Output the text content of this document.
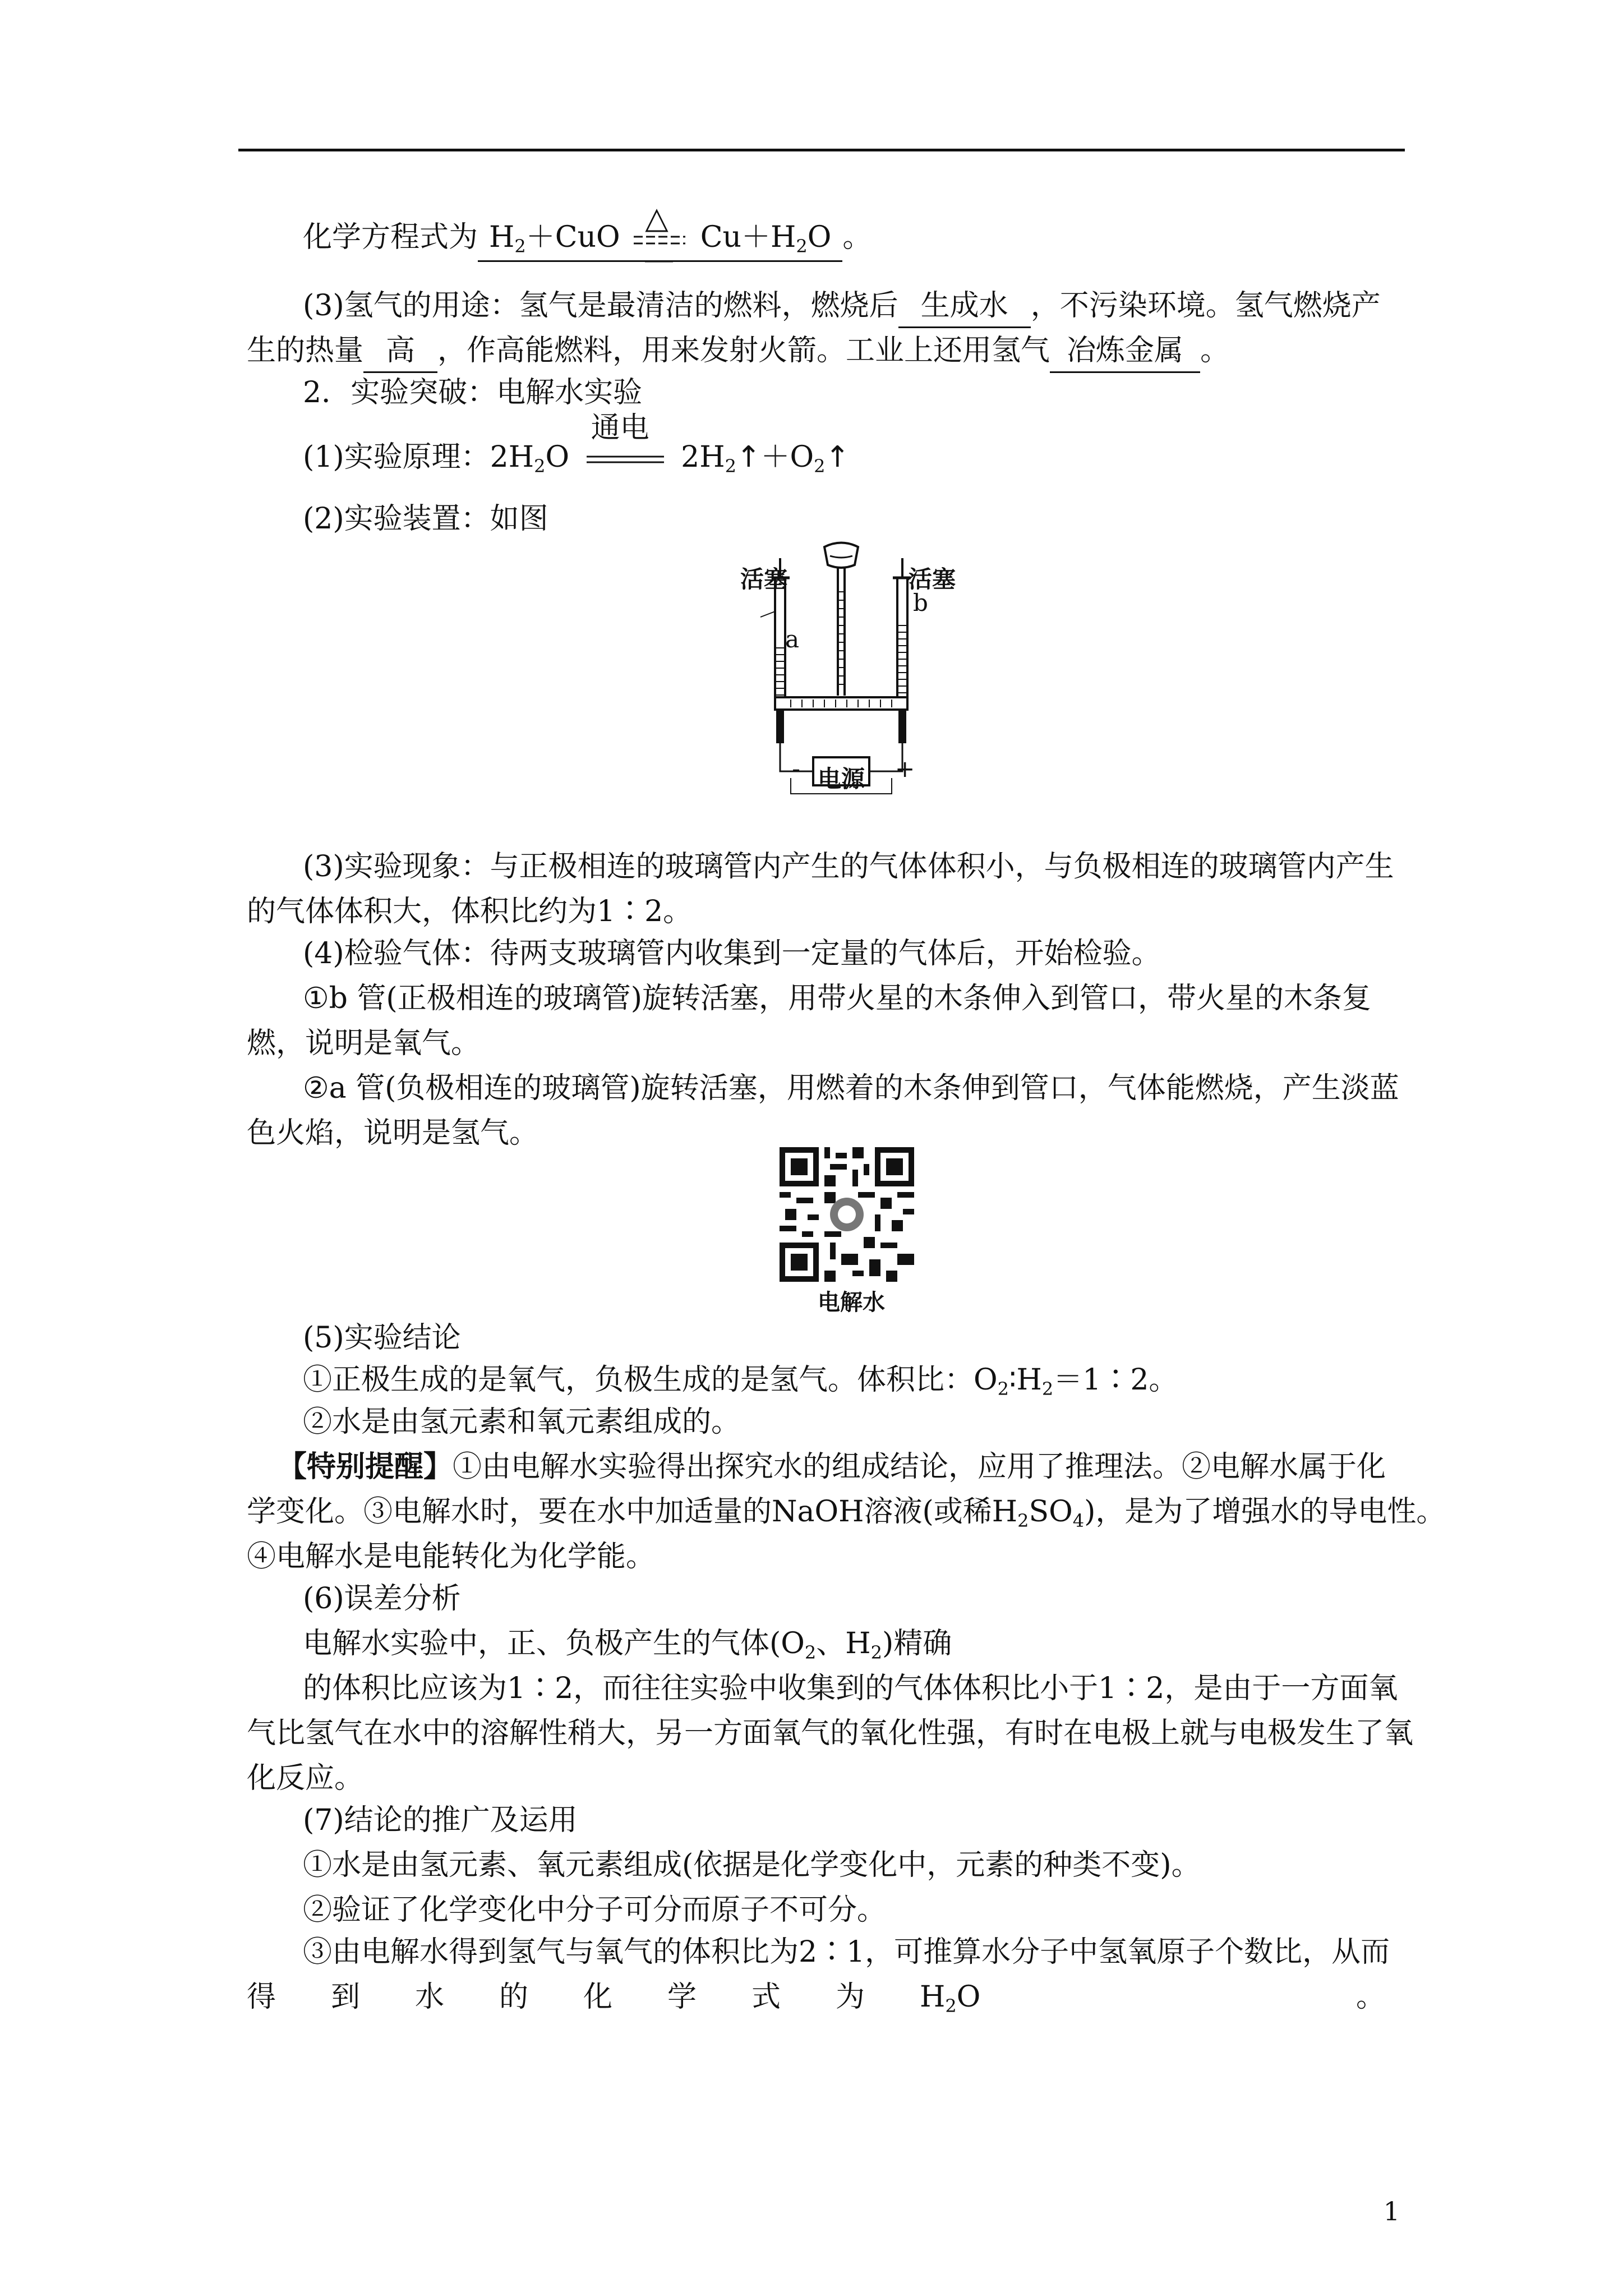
化学方程式为 $H_2+CuO$
△
$Cu+H_2O$ 。
(3)氢气的用途：氢气是最清洁的燃料，燃烧后 生成水 ，不污染环境。氢气燃烧产
生的热量 高 ，作高能燃料，用来发射火箭。工业上还用氢气 冶炼金属 。
2．实验突破：电解水实验
(1)实验原理：$2H_2O$
通电
$2H_2↑+O_2↑$
(2)实验装置：如图
活塞	活塞
a
b
电源
-	+
(3)实验现象：与正极相连的玻璃管内产生的气体体积小，与负极相连的玻璃管内产生
的气体体积大，体积比约为1∶2。
(4)检验气体：待两支玻璃管内收集到一定量的气体后，开始检验。
①b 管(正极相连的玻璃管)旋转活塞，用带火星的木条伸入到管口，带火星的木条复
燃，说明是氧气。
②a 管(负极相连的玻璃管)旋转活塞，用燃着的木条伸到管口，气体能燃烧，产生淡蓝
色火焰，说明是氢气。
电解水
(5)实验结论
①正极生成的是氧气，负极生成的是氢气。体积比：$O_2∶H_2=1∶2$。
②水是由氢元素和氧元素组成的。
【特别提醒】①由电解水实验得出探究水的组成结论，应用了推理法。②电解水属于化
学变化。③电解水时，要在水中加适量的NaOH溶液(或稀$H_2SO_4$)，是为了增强水的导电性。
④电解水是电能转化为化学能。
(6)误差分析
电解水实验中，正、负极产生的气体($O_2$、$H_2$)精确
的体积比应该为1∶2，而往往实验中收集到的气体体积比小于1∶2，是由于一方面氧
气比氢气在水中的溶解性稍大，另一方面氧气的氧化性强，有时在电极上就与电极发生了氧
化反应。
(7)结论的推广及运用
①水是由氢元素、氧元素组成(依据是化学变化中，元素的种类不变)。
②验证了化学变化中分子可分而原子不可分。
③由电解水得到氢气与氧气的体积比为2∶1，可推算水分子中氢氧原子个数比，从而
得 到 水 的 化 学 式 为 $H_2O$	。
1
